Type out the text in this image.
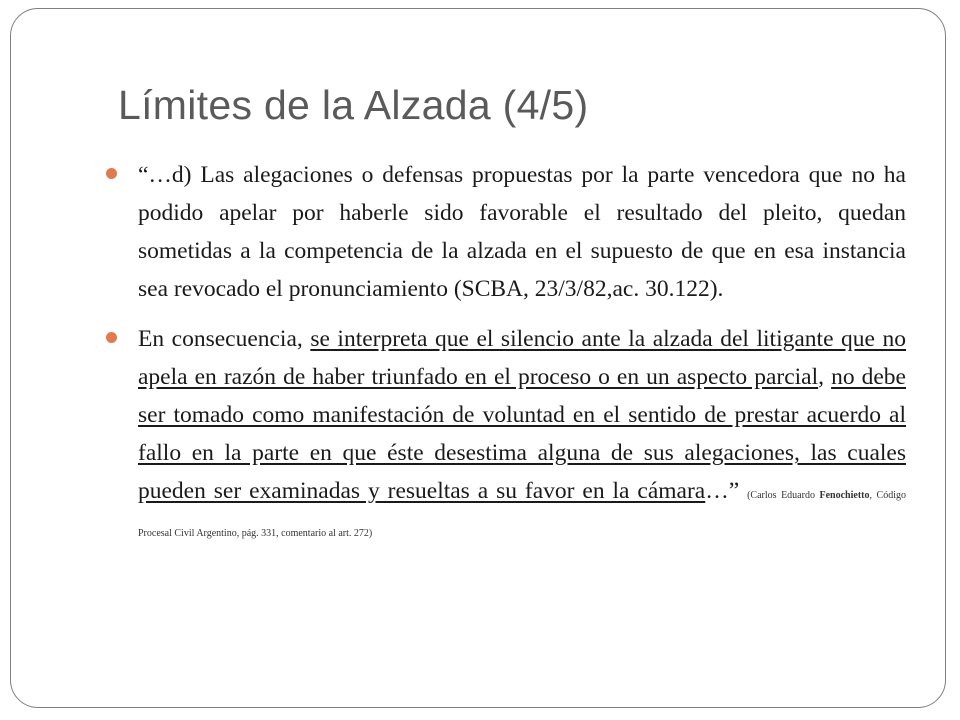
Límites de la Alzada (4/5)
“…d) Las alegaciones o defensas propuestas por la parte vencedora que no ha podido apelar por haberle sido favorable el resultado del pleito, quedan sometidas a la competencia de la alzada en el supuesto de que en esa instancia sea revocado el pronunciamiento (SCBA, 23/3/82,ac. 30.122).
En consecuencia, se interpreta que el silencio ante la alzada del litigante que no apela en razón de haber triunfado en el proceso o en un aspecto parcial, no debe ser tomado como manifestación de voluntad en el sentido de prestar acuerdo al fallo en la parte en que éste desestima alguna de sus alegaciones, las cuales pueden ser examinadas y resueltas a su favor en la cámara…” (Carlos Eduardo Fenochietto, Código Procesal Civil Argentino, pág. 331, comentario al art. 272)
